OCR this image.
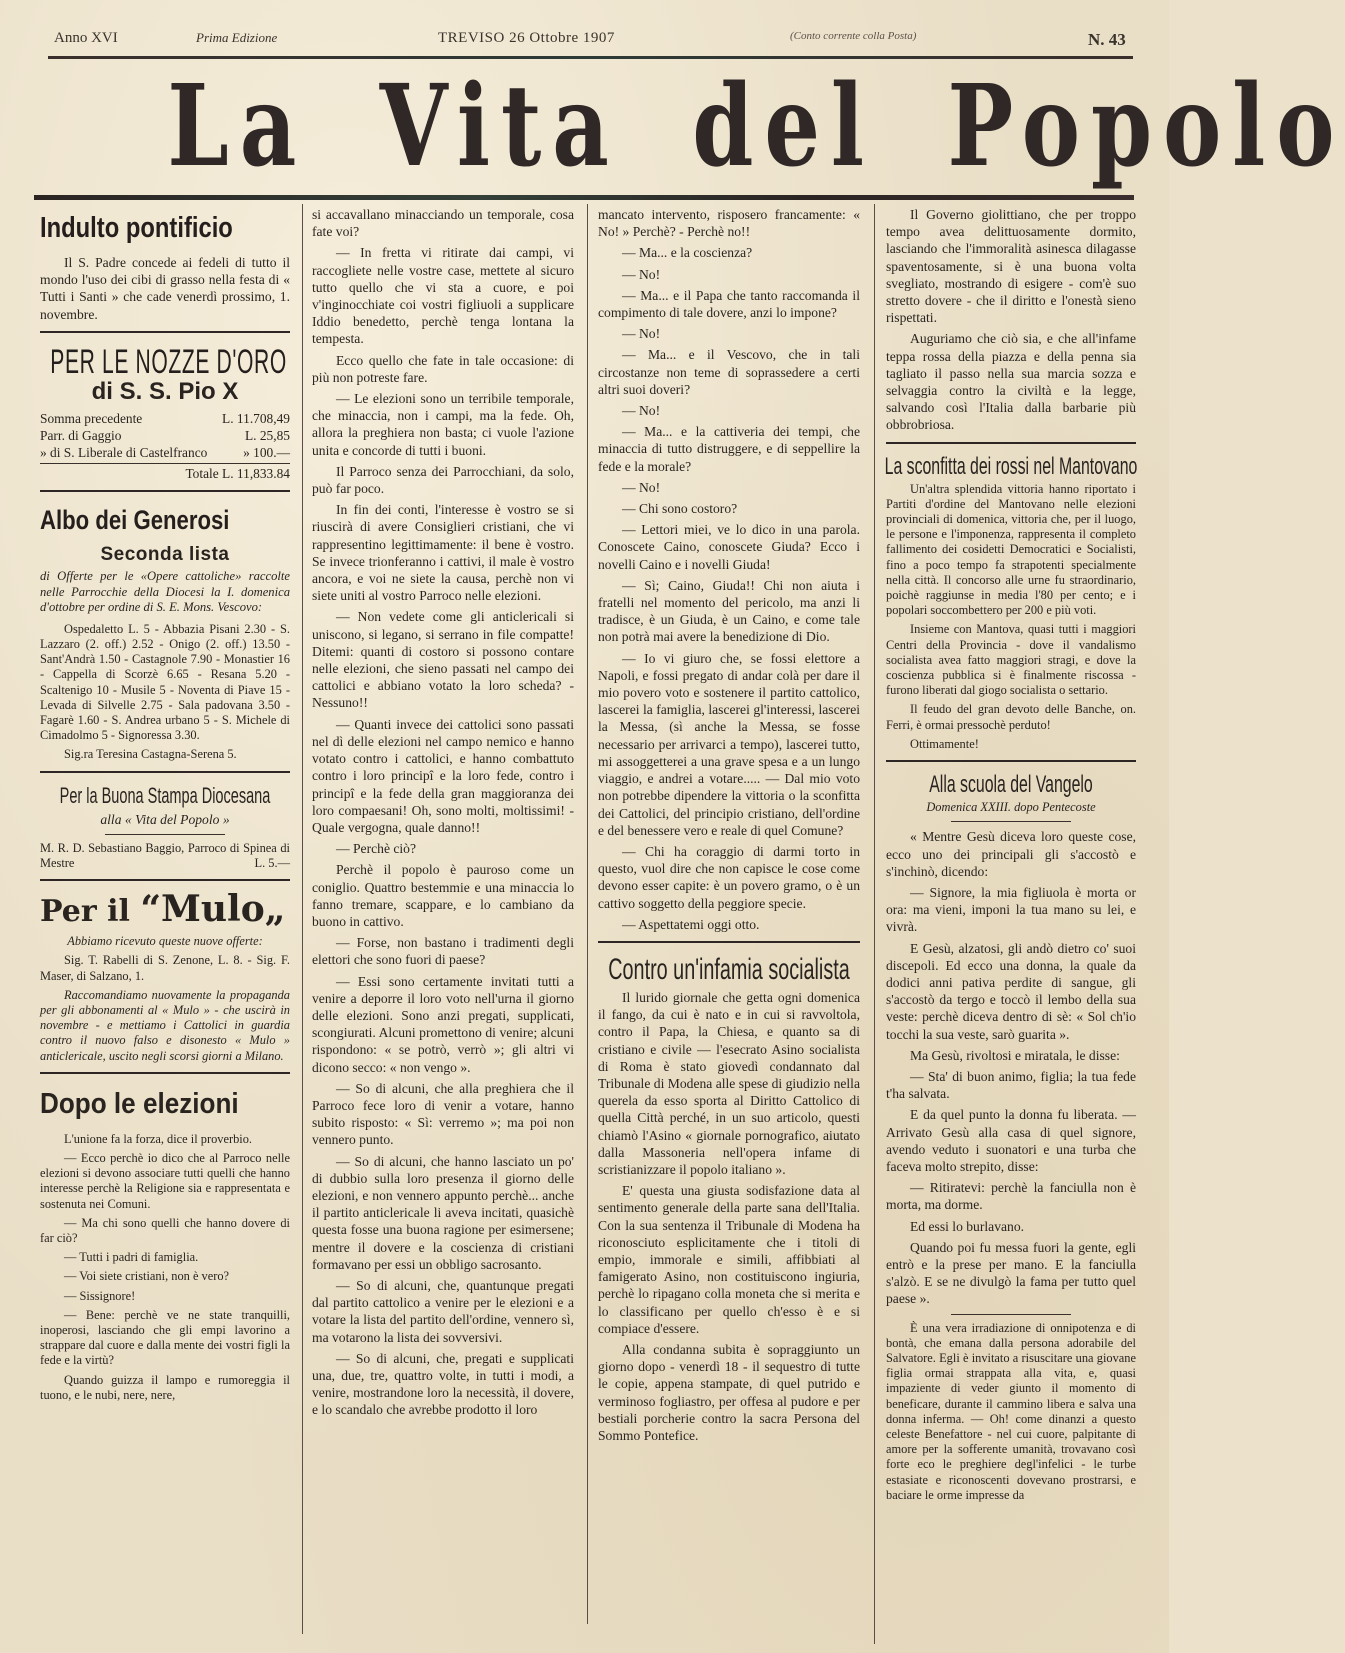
Anno XVI	Prima Edizione	TREVISO 26 Ottobre 1907	(Conto corrente colla Posta)	N. 43
La Vita del Popolo
Indulto pontificio

Il S. Padre concede ai fedeli di tutto il mondo l'uso dei cibi di grasso nella festa di « Tutti i Santi » che cade venerdì prossimo, 1. novembre.

PER LE NOZZE D'ORO
di S. S. Pio X
Somma precedente	L. 11.708,49
Parr. di Gaggio	L. 25,85
» di S. Liberale di Castelfranco	» 100.—
Totale L. 11,833.84
Albo dei Generosi
Seconda lista
di Offerte per le «Opere cattoliche» raccolte nelle Parrocchie della Diocesi la I. domenica d'ottobre per ordine di S. E. Mons. Vescovo:

Ospedaletto L. 5 - Abbazia Pisani 2.30 - S. Lazzaro (2. off.) 2.52 - Onigo (2. off.) 13.50 - Sant'Andrà 1.50 - Castagnole 7.90 - Monastier 16 - Cappella di Scorzè 6.65 - Resana 5.20 - Scaltenigo 10 - Musile 5 - Noventa di Piave 15 - Levada di Silvelle 2.75 - Sala padovana 3.50 - Fagarè 1.60 - S. Andrea urbano 5 - S. Michele di Cimadolmo 5 - Signoressa 3.30.

Sig.ra Teresina Castagna-Serena 5.

Per la Buona Stampa Diocesana
alla « Vita del Popolo »

M. R. D. Sebastiano Baggio, Parroco di Spinea di Mestre	L. 5.—

Per il “Mulo„
Abbiamo ricevuto queste nuove offerte:

Sig. T. Rabelli di S. Zenone, L. 8. - Sig. F. Maser, di Salzano, 1.

Raccomandiamo nuovamente la propaganda per gli abbonamenti al « Mulo » - che uscirà in novembre - e mettiamo i Cattolici in guardia contro il nuovo falso e disonesto « Mulo » anticlericale, uscito negli scorsi giorni a Milano.

Dopo le elezioni

L'unione fa la forza, dice il proverbio.

— Ecco perchè io dico che al Parroco nelle elezioni si devono associare tutti quelli che hanno interesse perchè la Religione sia e rappresentata e sostenuta nei Comuni.

— Ma chi sono quelli che hanno dovere di far ciò?

— Tutti i padri di famiglia.

— Voi siete cristiani, non è vero?

— Sissignore!

— Bene: perchè ve ne state tranquilli, inoperosi, lasciando che gli empi lavorino a strappare dal cuore e dalla mente dei vostri figli la fede e la virtù?

Quando guizza il lampo e rumoreggia il tuono, e le nubi, nere, nere,

si accavallano minacciando un temporale, cosa fate voi?

— In fretta vi ritirate dai campi, vi raccogliete nelle vostre case, mettete al sicuro tutto quello che vi sta a cuore, e poi v'inginocchiate coi vostri figliuoli a supplicare Iddio benedetto, perchè tenga lontana la tempesta.

Ecco quello che fate in tale occasione: di più non potreste fare.

— Le elezioni sono un terribile temporale, che minaccia, non i campi, ma la fede. Oh, allora la preghiera non basta; ci vuole l'azione unita e concorde di tutti i buoni.

Il Parroco senza dei Parrocchiani, da solo, può far poco.

In fin dei conti, l'interesse è vostro se si riuscirà di avere Consiglieri cristiani, che vi rappresentino legittimamente: il bene è vostro. Se invece trionferanno i cattivi, il male è vostro ancora, e voi ne siete la causa, perchè non vi siete uniti al vostro Parroco nelle elezioni.

— Non vedete come gli anticlericali si uniscono, si legano, si serrano in file compatte! Ditemi: quanti di costoro si possono contare nelle elezioni, che sieno passati nel campo dei cattolici e abbiano votato la loro scheda? - Nessuno!!

— Quanti invece dei cattolici sono passati nel dì delle elezioni nel campo nemico e hanno votato contro i cattolici, e hanno combattuto contro i loro principî e la loro fede, contro i principî e la fede della gran maggioranza dei loro compaesani! Oh, sono molti, moltissimi! - Quale vergogna, quale danno!!

— Perchè ciò?

Perchè il popolo è pauroso come un coniglio. Quattro bestemmie e una minaccia lo fanno tremare, scappare, e lo cambiano da buono in cattivo.

— Forse, non bastano i tradimenti degli elettori che sono fuori di paese?

— Essi sono certamente invitati tutti a venire a deporre il loro voto nell'urna il giorno delle elezioni. Sono anzi pregati, supplicati, scongiurati. Alcuni promettono di venire; alcuni rispondono: « se potrò, verrò »; gli altri vi dicono secco: « non vengo ».

— So di alcuni, che alla preghiera che il Parroco fece loro di venir a votare, hanno subito risposto: « Sì: verremo »; ma poi non vennero punto.

— So di alcuni, che hanno lasciato un po' di dubbio sulla loro presenza il giorno delle elezioni, e non vennero appunto perchè... anche il partito anticlericale li aveva incitati, quasichè questa fosse una buona ragione per esimersene; mentre il dovere e la coscienza di cristiani formavano per essi un obbligo sacrosanto.

— So di alcuni, che, quantunque pregati dal partito cattolico a venire per le elezioni e a votare la lista del partito dell'ordine, vennero sì, ma votarono la lista dei sovversivi.

— So di alcuni, che, pregati e supplicati una, due, tre, quattro volte, in tutti i modi, a venire, mostrandone loro la necessità, il dovere, e lo scandalo che avrebbe prodotto il loro

mancato intervento, risposero francamente: « No! » Perchè? - Perchè no!!

— Ma... e la coscienza?

— No!

— Ma... e il Papa che tanto raccomanda il compimento di tale dovere, anzi lo impone?

— No!

— Ma... e il Vescovo, che in tali circostanze non teme di soprassedere a certi altri suoi doveri?

— No!

— Ma... e la cattiveria dei tempi, che minaccia di tutto distruggere, e di seppellire la fede e la morale?

— No!

— Chi sono costoro?

— Lettori miei, ve lo dico in una parola. Conoscete Caino, conoscete Giuda? Ecco i novelli Caino e i novelli Giuda!

— Sì; Caino, Giuda!! Chi non aiuta i fratelli nel momento del pericolo, ma anzi li tradisce, è un Giuda, è un Caino, e come tale non potrà mai avere la benedizione di Dio.

— Io vi giuro che, se fossi elettore a Napoli, e fossi pregato di andar colà per dare il mio povero voto e sostenere il partito cattolico, lascerei la famiglia, lascerei gl'interessi, lascerei la Messa, (sì anche la Messa, se fosse necessario per arrivarci a tempo), lascerei tutto, mi assoggetterei a una grave spesa e a un lungo viaggio, e andrei a votare..... — Dal mio voto non potrebbe dipendere la vittoria o la sconfitta dei Cattolici, del principio cristiano, dell'ordine e del benessere vero e reale di quel Comune?

— Chi ha coraggio di darmi torto in questo, vuol dire che non capisce le cose come devono esser capite: è un povero gramo, o è un cattivo soggetto della peggiore specie.

— Aspettatemi oggi otto.

Contro un'infamia socialista

Il lurido giornale che getta ogni domenica il fango, da cui è nato e in cui si ravvoltola, contro il Papa, la Chiesa, e quanto sa di cristiano e civile — l'esecrato Asino socialista di Roma è stato giovedì condannato dal Tribunale di Modena alle spese di giudizio nella querela da esso sporta al Diritto Cattolico di quella Città perché, in un suo articolo, questi chiamò l'Asino « giornale pornografico, aiutato dalla Massoneria nell'opera infame di scristianizzare il popolo italiano ».

E' questa una giusta sodisfazione data al sentimento generale della parte sana dell'Italia. Con la sua sentenza il Tribunale di Modena ha riconosciuto esplicitamente che i titoli di empio, immorale e simili, affibbiati al famigerato Asino, non costituiscono ingiuria, perchè lo ripagano colla moneta che si merita e lo classificano per quello ch'esso è e si compiace d'essere.

Alla condanna subita è sopraggiunto un giorno dopo - venerdì 18 - il sequestro di tutte le copie, appena stampate, di quel putrido e verminoso fogliastro, per offesa al pudore e per bestiali porcherie contro la sacra Persona del Sommo Pontefice.

Il Governo giolittiano, che per troppo tempo avea delittuosamente dormito, lasciando che l'immoralità asinesca dilagasse spaventosamente, si è una buona volta svegliato, mostrando di esigere - com'è suo stretto dovere - che il diritto e l'onestà sieno rispettati.

Auguriamo che ciò sia, e che all'infame teppa rossa della piazza e della penna sia tagliato il passo nella sua marcia sozza e selvaggia contro la civiltà e la legge, salvando così l'Italia dalla barbarie più obbrobriosa.

La sconfitta dei rossi nel Mantovano

Un'altra splendida vittoria hanno riportato i Partiti d'ordine del Mantovano nelle elezioni provinciali di domenica, vittoria che, per il luogo, le persone e l'imponenza, rappresenta il completo fallimento dei cosidetti Democratici e Socialisti, fino a poco tempo fa strapotenti specialmente nella città. Il concorso alle urne fu straordinario, poichè raggiunse in media l'80 per cento; e i popolari soccombettero per 200 e più voti.

Insieme con Mantova, quasi tutti i maggiori Centri della Provincia - dove il vandalismo socialista avea fatto maggiori stragi, e dove la coscienza pubblica si è finalmente riscossa - furono liberati dal giogo socialista o settario.

Il feudo del gran devoto delle Banche, on. Ferri, è ormai pressochè perduto!

Ottimamente!

Alla scuola del Vangelo
Domenica XXIII. dopo Pentecoste

« Mentre Gesù diceva loro queste cose, ecco uno dei principali gli s'accostò e s'inchinò, dicendo:

— Signore, la mia figliuola è morta or ora: ma vieni, imponi la tua mano su lei, e vivrà.

E Gesù, alzatosi, gli andò dietro co' suoi discepoli. Ed ecco una donna, la quale da dodici anni pativa perdite di sangue, gli s'accostò da tergo e toccò il lembo della sua veste: perchè diceva dentro di sè: « Sol ch'io tocchi la sua veste, sarò guarita ».

Ma Gesù, rivoltosi e miratala, le disse:

— Sta' di buon animo, figlia; la tua fede t'ha salvata.

E da quel punto la donna fu liberata. — Arrivato Gesù alla casa di quel signore, avendo veduto i suonatori e una turba che faceva molto strepito, disse:

— Ritiratevi: perchè la fanciulla non è morta, ma dorme.

Ed essi lo burlavano.

Quando poi fu messa fuori la gente, egli entrò e la prese per mano. E la fanciulla s'alzò. E se ne divulgò la fama per tutto quel paese ».

È una vera irradiazione di onnipotenza e di bontà, che emana dalla persona adorabile del Salvatore. Egli è invitato a risuscitare una giovane figlia ormai strappata alla vita, e, quasi impaziente di veder giunto il momento di beneficare, durante il cammino libera e salva una donna inferma. — Oh! come dinanzi a questo celeste Benefattore - nel cui cuore, palpitante di amore per la sofferente umanità, trovavano così forte eco le preghiere degl'infelici - le turbe estasiate e riconoscenti dovevano prostrarsi, e baciare le orme impresse da
